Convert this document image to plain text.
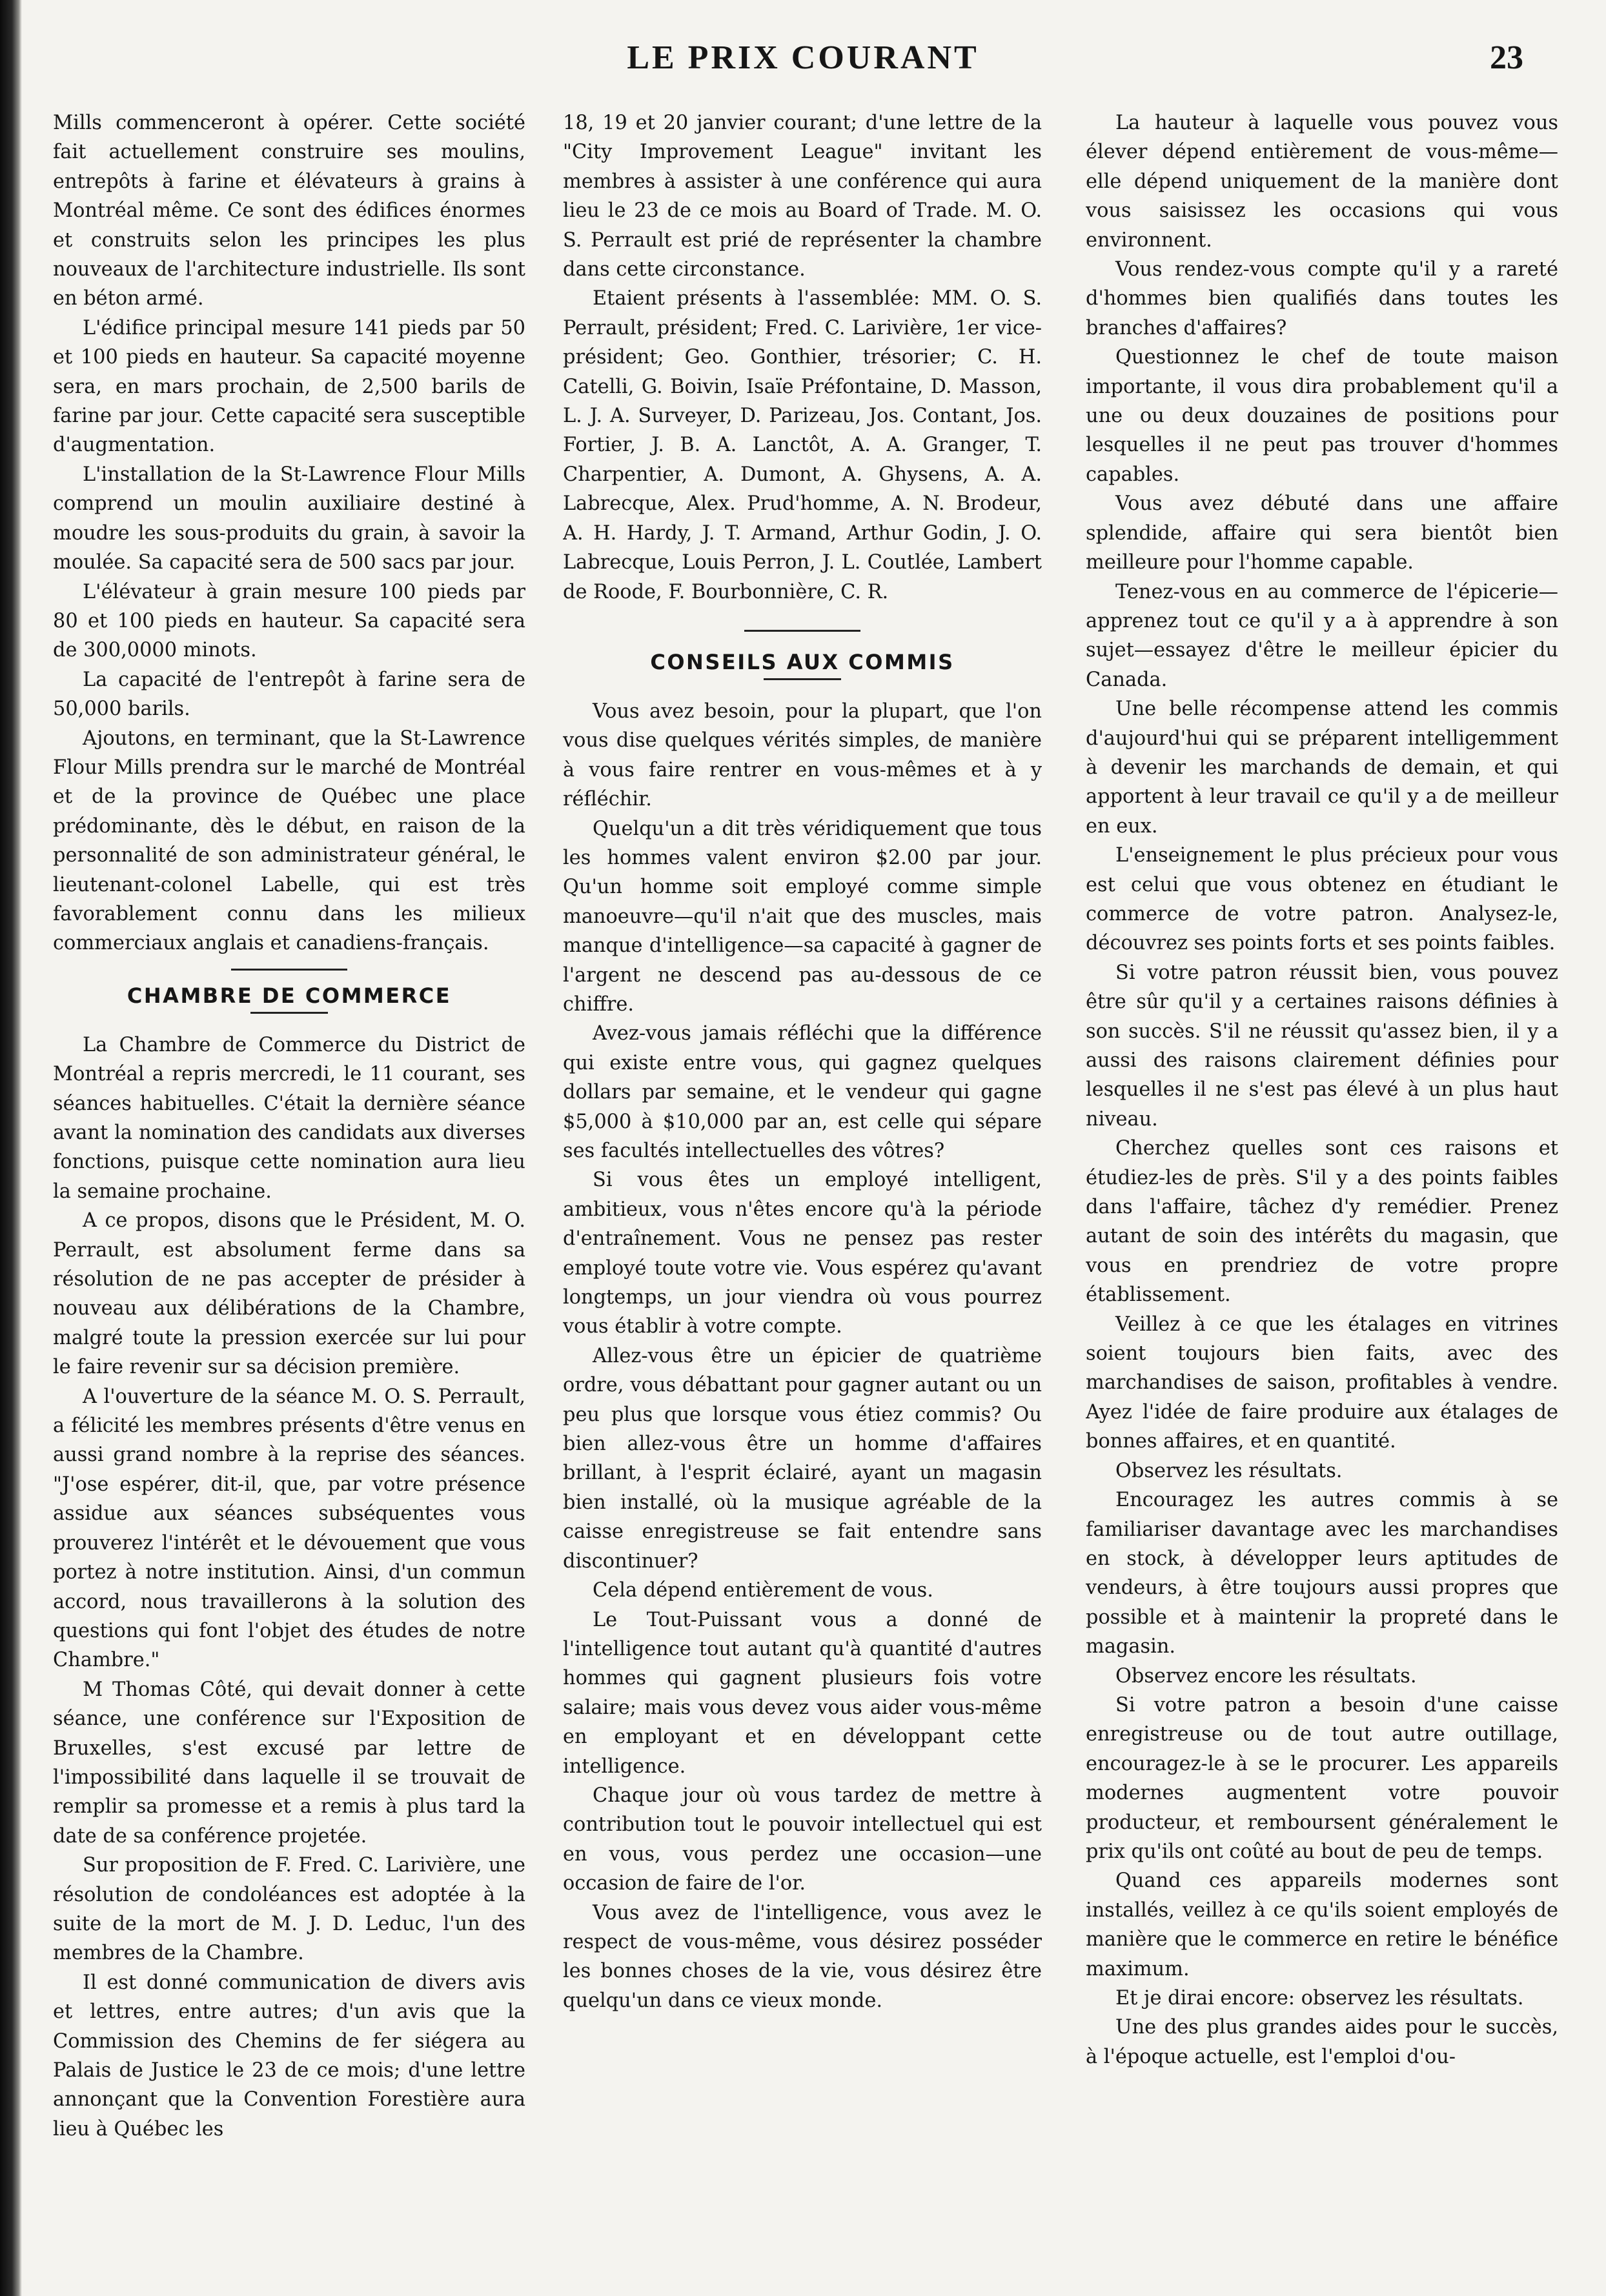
LE PRIX COURANT	23

Mills commenceront à opérer. Cette société fait actuellement construire ses moulins, entrepôts à farine et élévateurs à grains à Montréal même. Ce sont des édifices énormes et construits selon les principes les plus nouveaux de l'architecture industrielle. Ils sont en béton armé.

L'édifice principal mesure 141 pieds par 50 et 100 pieds en hauteur. Sa capacité moyenne sera, en mars prochain, de 2,500 barils de farine par jour. Cette capacité sera susceptible d'augmentation.

L'installation de la St-Lawrence Flour Mills comprend un moulin auxiliaire destiné à moudre les sous-produits du grain, à savoir la moulée. Sa capacité sera de 500 sacs par jour.

L'élévateur à grain mesure 100 pieds par 80 et 100 pieds en hauteur. Sa capacité sera de 300,0000 minots.

La capacité de l'entrepôt à farine sera de 50,000 barils.

Ajoutons, en terminant, que la St-Lawrence Flour Mills prendra sur le marché de Montréal et de la province de Québec une place prédominante, dès le début, en raison de la personnalité de son administrateur général, le lieutenant-colonel Labelle, qui est très favorablement connu dans les milieux commerciaux anglais et canadiens-français.

CHAMBRE DE COMMERCE

La Chambre de Commerce du District de Montréal a repris mercredi, le 11 courant, ses séances habituelles. C'était la dernière séance avant la nomination des candidats aux diverses fonctions, puisque cette nomination aura lieu la semaine prochaine.

A ce propos, disons que le Président, M. O. Perrault, est absolument ferme dans sa résolution de ne pas accepter de présider à nouveau aux délibérations de la Chambre, malgré toute la pression exercée sur lui pour le faire revenir sur sa décision première.

A l'ouverture de la séance M. O. S. Perrault, a félicité les membres présents d'être venus en aussi grand nombre à la reprise des séances. "J'ose espérer, dit-il, que, par votre présence assidue aux séances subséquentes vous prouverez l'intérêt et le dévouement que vous portez à notre institution. Ainsi, d'un commun accord, nous travaillerons à la solution des questions qui font l'objet des études de notre Chambre."

M Thomas Côté, qui devait donner à cette séance, une conférence sur l'Exposition de Bruxelles, s'est excusé par lettre de l'impossibilité dans laquelle il se trouvait de remplir sa promesse et a remis à plus tard la date de sa conférence projetée.

Sur proposition de F. Fred. C. Larivière, une résolution de condoléances est adoptée à la suite de la mort de M. J. D. Leduc, l'un des membres de la Chambre.

Il est donné communication de divers avis et lettres, entre autres; d'un avis que la Commission des Chemins de fer siégera au Palais de Justice le 23 de ce mois; d'une lettre annonçant que la Convention Forestière aura lieu à Québec les

18, 19 et 20 janvier courant; d'une lettre de la "City Improvement League" invitant les membres à assister à une conférence qui aura lieu le 23 de ce mois au Board of Trade. M. O. S. Perrault est prié de représenter la chambre dans cette circonstance.

Etaient présents à l'assemblée: MM. O. S. Perrault, président; Fred. C. Larivière, 1er vice-président; Geo. Gonthier, trésorier; C. H. Catelli, G. Boivin, Isaïe Préfontaine, D. Masson, L. J. A. Surveyer, D. Parizeau, Jos. Contant, Jos. Fortier, J. B. A. Lanctôt, A. A. Granger, T. Charpentier, A. Dumont, A. Ghysens, A. A. Labrecque, Alex. Prud'homme, A. N. Brodeur, A. H. Hardy, J. T. Armand, Arthur Godin, J. O. Labrecque, Louis Perron, J. L. Coutlée, Lambert de Roode, F. Bourbonnière, C. R.

CONSEILS AUX COMMIS

Vous avez besoin, pour la plupart, que l'on vous dise quelques vérités simples, de manière à vous faire rentrer en vous-mêmes et à y réfléchir.

Quelqu'un a dit très véridiquement que tous les hommes valent environ $2.00 par jour. Qu'un homme soit employé comme simple manoeuvre—qu'il n'ait que des muscles, mais manque d'intelligence—sa capacité à gagner de l'argent ne descend pas au-dessous de ce chiffre.

Avez-vous jamais réfléchi que la différence qui existe entre vous, qui gagnez quelques dollars par semaine, et le vendeur qui gagne $5,000 à $10,000 par an, est celle qui sépare ses facultés intellectuelles des vôtres?

Si vous êtes un employé intelligent, ambitieux, vous n'êtes encore qu'à la période d'entraînement. Vous ne pensez pas rester employé toute votre vie. Vous espérez qu'avant longtemps, un jour viendra où vous pourrez vous établir à votre compte.

Allez-vous être un épicier de quatrième ordre, vous débattant pour gagner autant ou un peu plus que lorsque vous étiez commis? Ou bien allez-vous être un homme d'affaires brillant, à l'esprit éclairé, ayant un magasin bien installé, où la musique agréable de la caisse enregistreuse se fait entendre sans discontinuer?

Cela dépend entièrement de vous.

Le Tout-Puissant vous a donné de l'intelligence tout autant qu'à quantité d'autres hommes qui gagnent plusieurs fois votre salaire; mais vous devez vous aider vous-même en employant et en développant cette intelligence.

Chaque jour où vous tardez de mettre à contribution tout le pouvoir intellectuel qui est en vous, vous perdez une occasion—une occasion de faire de l'or.

Vous avez de l'intelligence, vous avez le respect de vous-même, vous désirez posséder les bonnes choses de la vie, vous désirez être quelqu'un dans ce vieux monde.

La hauteur à laquelle vous pouvez vous élever dépend entièrement de vous-même—elle dépend uniquement de la manière dont vous saisissez les occasions qui vous environnent.

Vous rendez-vous compte qu'il y a rareté d'hommes bien qualifiés dans toutes les branches d'affaires?

Questionnez le chef de toute maison importante, il vous dira probablement qu'il a une ou deux douzaines de positions pour lesquelles il ne peut pas trouver d'hommes capables.

Vous avez débuté dans une affaire splendide, affaire qui sera bientôt bien meilleure pour l'homme capable.

Tenez-vous en au commerce de l'épicerie—apprenez tout ce qu'il y a à apprendre à son sujet—essayez d'être le meilleur épicier du Canada.

Une belle récompense attend les commis d'aujourd'hui qui se préparent intelligemment à devenir les marchands de demain, et qui apportent à leur travail ce qu'il y a de meilleur en eux.

L'enseignement le plus précieux pour vous est celui que vous obtenez en étudiant le commerce de votre patron. Analysez-le, découvrez ses points forts et ses points faibles.

Si votre patron réussit bien, vous pouvez être sûr qu'il y a certaines raisons définies à son succès. S'il ne réussit qu'assez bien, il y a aussi des raisons clairement définies pour lesquelles il ne s'est pas élevé à un plus haut niveau.

Cherchez quelles sont ces raisons et étudiez-les de près. S'il y a des points faibles dans l'affaire, tâchez d'y remédier. Prenez autant de soin des intérêts du magasin, que vous en prendriez de votre propre établissement.

Veillez à ce que les étalages en vitrines soient toujours bien faits, avec des marchandises de saison, profitables à vendre. Ayez l'idée de faire produire aux étalages de bonnes affaires, et en quantité.

Observez les résultats.

Encouragez les autres commis à se familiariser davantage avec les marchandises en stock, à développer leurs aptitudes de vendeurs, à être toujours aussi propres que possible et à maintenir la propreté dans le magasin.

Observez encore les résultats.

Si votre patron a besoin d'une caisse enregistreuse ou de tout autre outillage, encouragez-le à se le procurer. Les appareils modernes augmentent votre pouvoir producteur, et remboursent généralement le prix qu'ils ont coûté au bout de peu de temps.

Quand ces appareils modernes sont installés, veillez à ce qu'ils soient employés de manière que le commerce en retire le bénéfice maximum.

Et je dirai encore: observez les résultats.

Une des plus grandes aides pour le succès, à l'époque actuelle, est l'emploi d'ou-
